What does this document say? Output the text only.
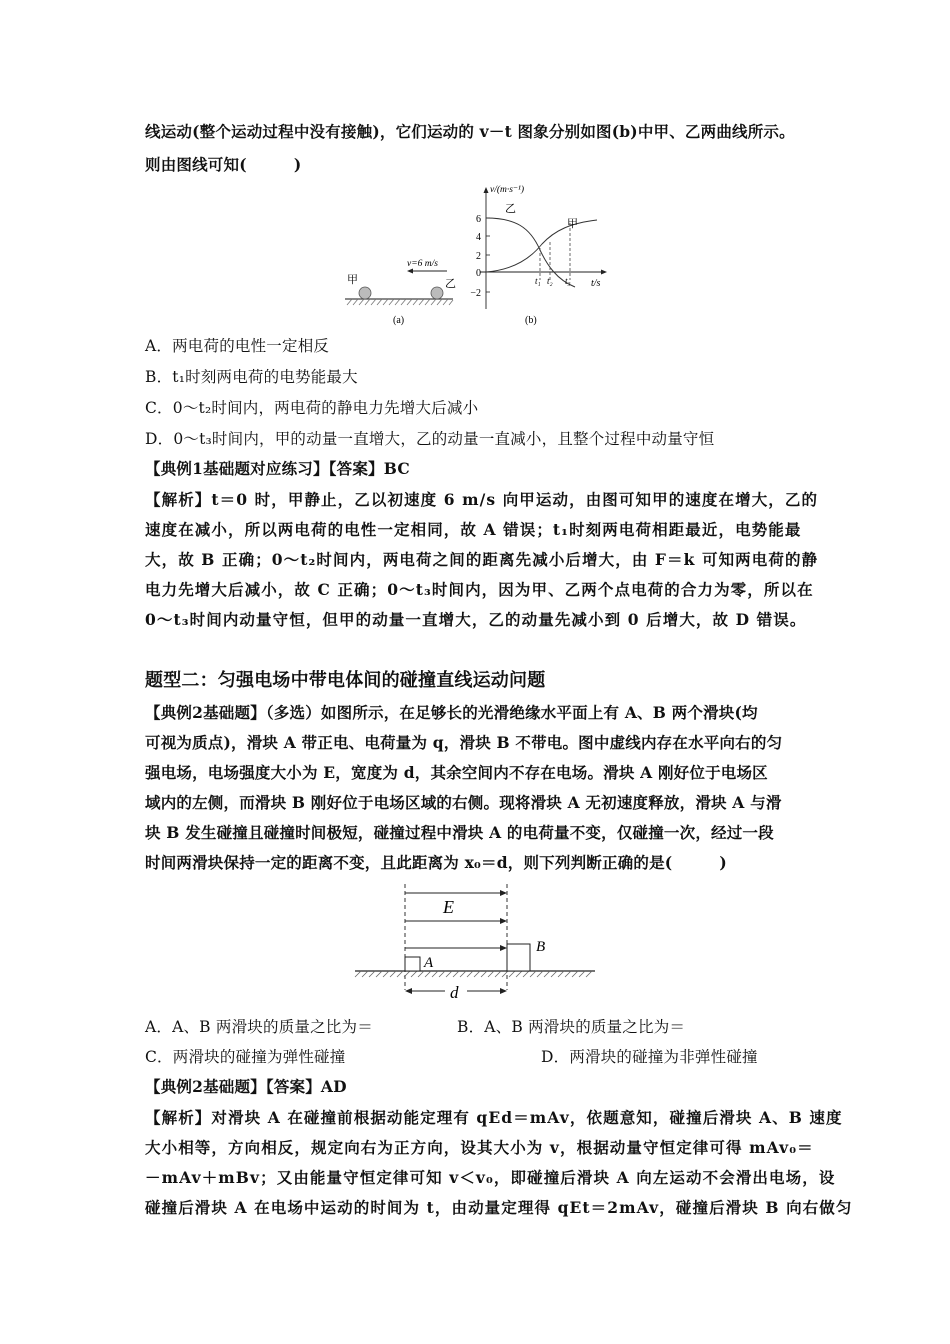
线运动(整个运动过程中没有接触)，它们运动的 v－t 图象分别如图(b)中甲、乙两曲线所示。
则由图线可知(　　　)
甲	乙
v=6 m/s
(a)
v/(m·s⁻¹)
t/s
6
4
2
0
−2
乙
甲
t₁ t₂ t₃
(b)
A．两电荷的电性一定相反
B．t₁时刻两电荷的电势能最大
C．0～t₂时间内，两电荷的静电力先增大后减小
D．0～t₃时间内，甲的动量一直增大，乙的动量一直减小，且整个过程中动量守恒
【典例1基础题对应练习】【答案】BC
【解析】t＝0 时，甲静止，乙以初速度 6 m/s 向甲运动，由图可知甲的速度在增大，乙的
速度在减小，所以两电荷的电性一定相同，故 A 错误；t₁时刻两电荷相距最近，电势能最
大，故 B 正确；0～t₂时间内，两电荷之间的距离先减小后增大，由 F＝k 可知两电荷的静
电力先增大后减小，故 C 正确；0～t₃时间内，因为甲、乙两个点电荷的合力为零，所以在
0～t₃时间内动量守恒，但甲的动量一直增大，乙的动量先减小到 0 后增大，故 D 错误。
题型二：匀强电场中带电体间的碰撞直线运动问题
【典例2基础题】（多选）如图所示，在足够长的光滑绝缘水平面上有 A、B 两个滑块(均
可视为质点)，滑块 A 带正电、电荷量为 q，滑块 B 不带电。图中虚线内存在水平向右的匀
强电场，电场强度大小为 E，宽度为 d，其余空间内不存在电场。滑块 A 刚好位于电场区
域内的左侧，而滑块 B 刚好位于电场区域的右侧。现将滑块 A 无初速度释放，滑块 A 与滑
块 B 发生碰撞且碰撞时间极短，碰撞过程中滑块 A 的电荷量不变，仅碰撞一次，经过一段
时间两滑块保持一定的距离不变，且此距离为 x₀＝d，则下列判断正确的是(　　　)
E
A
B
d
A．A、B 两滑块的质量之比为＝	B．A、B 两滑块的质量之比为＝
C．两滑块的碰撞为弹性碰撞	D．两滑块的碰撞为非弹性碰撞
【典例2基础题】【答案】AD
【解析】对滑块 A 在碰撞前根据动能定理有 qEd＝mAv，依题意知，碰撞后滑块 A、B 速度
大小相等，方向相反，规定向右为正方向，设其大小为 v，根据动量守恒定律可得 mAv₀＝
－mAv＋mBv；又由能量守恒定律可知 v＜v₀，即碰撞后滑块 A 向左运动不会滑出电场，设
碰撞后滑块 A 在电场中运动的时间为 t，由动量定理得 qEt＝2mAv，碰撞后滑块 B 向右做匀
